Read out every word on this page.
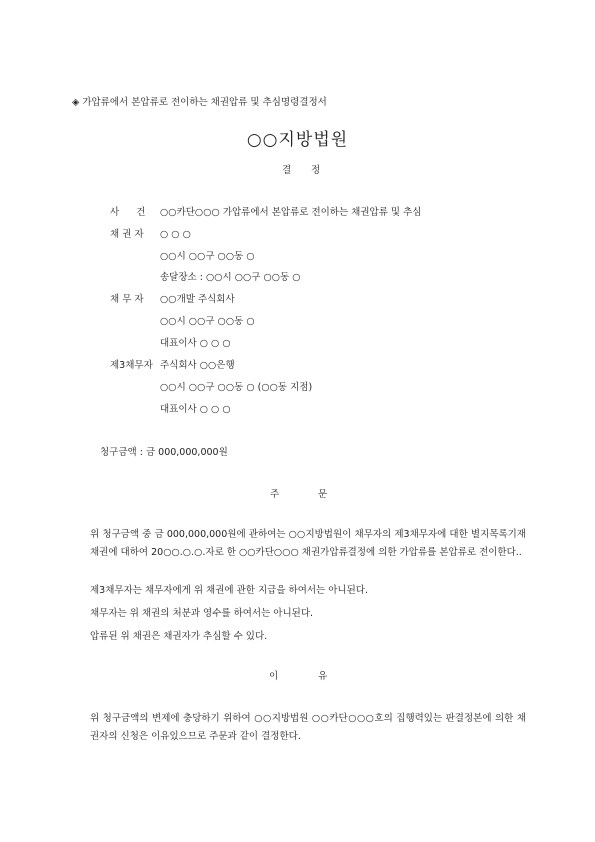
◈ 가압류에서 본압류로 전이하는 채권압류 및 추심명령결정서
○○지방법원
결 정
사 건 ○○카단○○○ 가압류에서 본압류로 전이하는 채권압류 및 추심
채 권 자 ○ ○ ○
○○시 ○○구 ○○동 ○
송달장소 : ○○시 ○○구 ○○동 ○
채 무 자 ○○개발 주식회사
○○시 ○○구 ○○동 ○
대표이사 ○ ○ ○
제3채무자 주식회사 ○○은행
○○시 ○○구 ○○동 ○ (○○동 지점)
대표이사 ○ ○ ○
청구금액 : 금 000,000,000원
주	문
위 청구금액 중 금 000,000,000원에 관하여는 ○○지방법원이 채무자의 제3채무자에 대한 별지목록기재 채권에 대하여 20○○.○.○.자로 한 ○○카단○○○ 채권가압류결정에 의한 가압류를 본압류로 전이한다..
제3채무자는 채무자에게 위 채권에 관한 지급을 하여서는 아니된다.
채무자는 위 채권의 처분과 영수를 하여서는 아니된다.
압류된 위 채권은 채권자가 추심할 수 있다.
이	유
위 청구금액의 변제에 충당하기 위하여 ○○지방법원 ○○카단○○○호의 집행력있는 판결정본에 의한 채권자의 신청은 이유있으므로 주문과 같이 결정한다.
